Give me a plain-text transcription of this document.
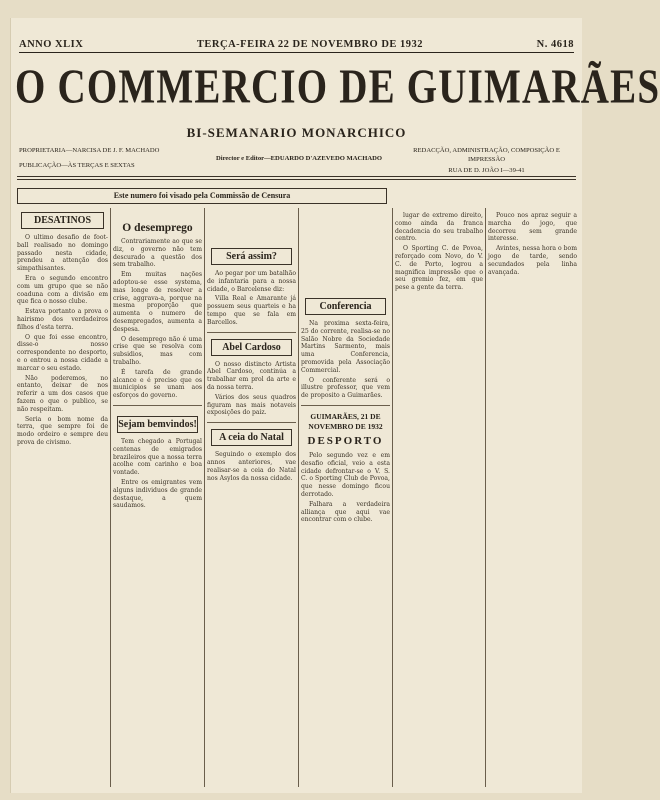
ANNO XLIX	TERÇA-FEIRA 22 DE NOVEMBRO DE 1932	N. 4618
O COMMERCIO DE GUIMARÃES
BI-SEMANARIO MONARCHICO
PROPRIETARIA—NARCISA DE J. F. MACHADO
PUBLICAÇÃO—ÀS TERÇAS E SEXTAS
Director e Editor—EDUARDO D'AZEVEDO MACHADO
REDACÇÃO, ADMINISTRAÇÃO, COMPOSIÇÃO E IMPRESSÃO
RUA DE D. JOÃO I—39-41
Este numero foi visado pela Commissão de Censura
DESATINOS

O ultimo desafio de foot-ball realisado no domingo passado nesta cidade, prendeu a attenção dos simpathisantes.

Era o segundo encontro com um grupo que se não coaduna com a divisão em que fica o nosso clube.

Estava portanto a prova o hairismo dos verdadeiros filhos d'esta terra.

O que foi esse encontro, disse-o nosso correspondente no desporto, e o entrou a nossa cidade a marcar o seu estado.

Não poderemos, no entanto, deixar de nos referir a um dos casos que fazem o que o publico, se não respeitam.

Seria o bom nome da terra, que sempre foi de modo ordeiro e sempre deu prova de civismo.

O desemprego

Contrariamente ao que se diz, o governo não tem descurado a questão dos sem trabalho.

Em muitas nações adoptou-se esse systema, mas longe de resolver a crise, aggrava-a, porque na mesma proporção que aumenta o numero de desempregados, aumenta a despesa.

O desemprego não é uma crise que se resolva com subsidios, mas com trabalho.

É tarefa de grande alcance e é preciso que os municipios se unam aos esforços do governo.

Sejam bemvindos!

Tem chegado a Portugal centenas de emigrados brazileiros que a nossa terra acolhe com carinho e boa vontade.

Entre os emigrantes vem alguns individuos de grande destaque, a quem saudamos.

Será assim?

Ao pegar por um batalhão de infantaria para a nossa cidade, o Barcelense diz:

Villa Real e Amarante já possuem seus quarteis e ha tempo que se fala em Barcellos.

Abel Cardoso

O nosso distincto Artista Abel Cardoso, continúa a trabalhar em prol da arte e da nossa terra.

Vários dos seus quadros figuram nas mais notaveis exposições do paiz.

A ceia do Natal

Seguindo o exemplo dos annos anteriores, vae realisar-se a ceia do Natal nos Asylos da nossa cidade.

Conferencia

Na proxima sexta-feira, 25 do corrente, realisa-se no Salão Nobre da Sociedade Martins Sarmento, mais uma Conferencia, promovida pela Associação Commercial.

O conferente será o illustre professor, que vem de proposito a Guimarães.

GUIMARÃES, 21 DE NOVEMBRO DE 1932
DESPORTO

Pelo segundo vez e em desafio oficial, veio a esta cidade defrontar-se o V. S. C. o Sporting Club de Povoa, que nesse domingo ficou derrotado.

Falhara a verdadeira alliança que aqui vae encontrar com o clube.

lugar de extremo direito, como ainda da franca decadencia do seu trabalho centro.

O Sporting C. de Povoa, reforçado com Novo, do V. C. de Porto, logrou a magnifica impressão que o seu gremio fez, em que pese a gente da terra.

Pouco nos apraz seguir a marcha do jogo, que decorreu sem grande interesse.

Avintes, nessa hora o bom jogo de tarde, sendo secundados pela linha avançada.
